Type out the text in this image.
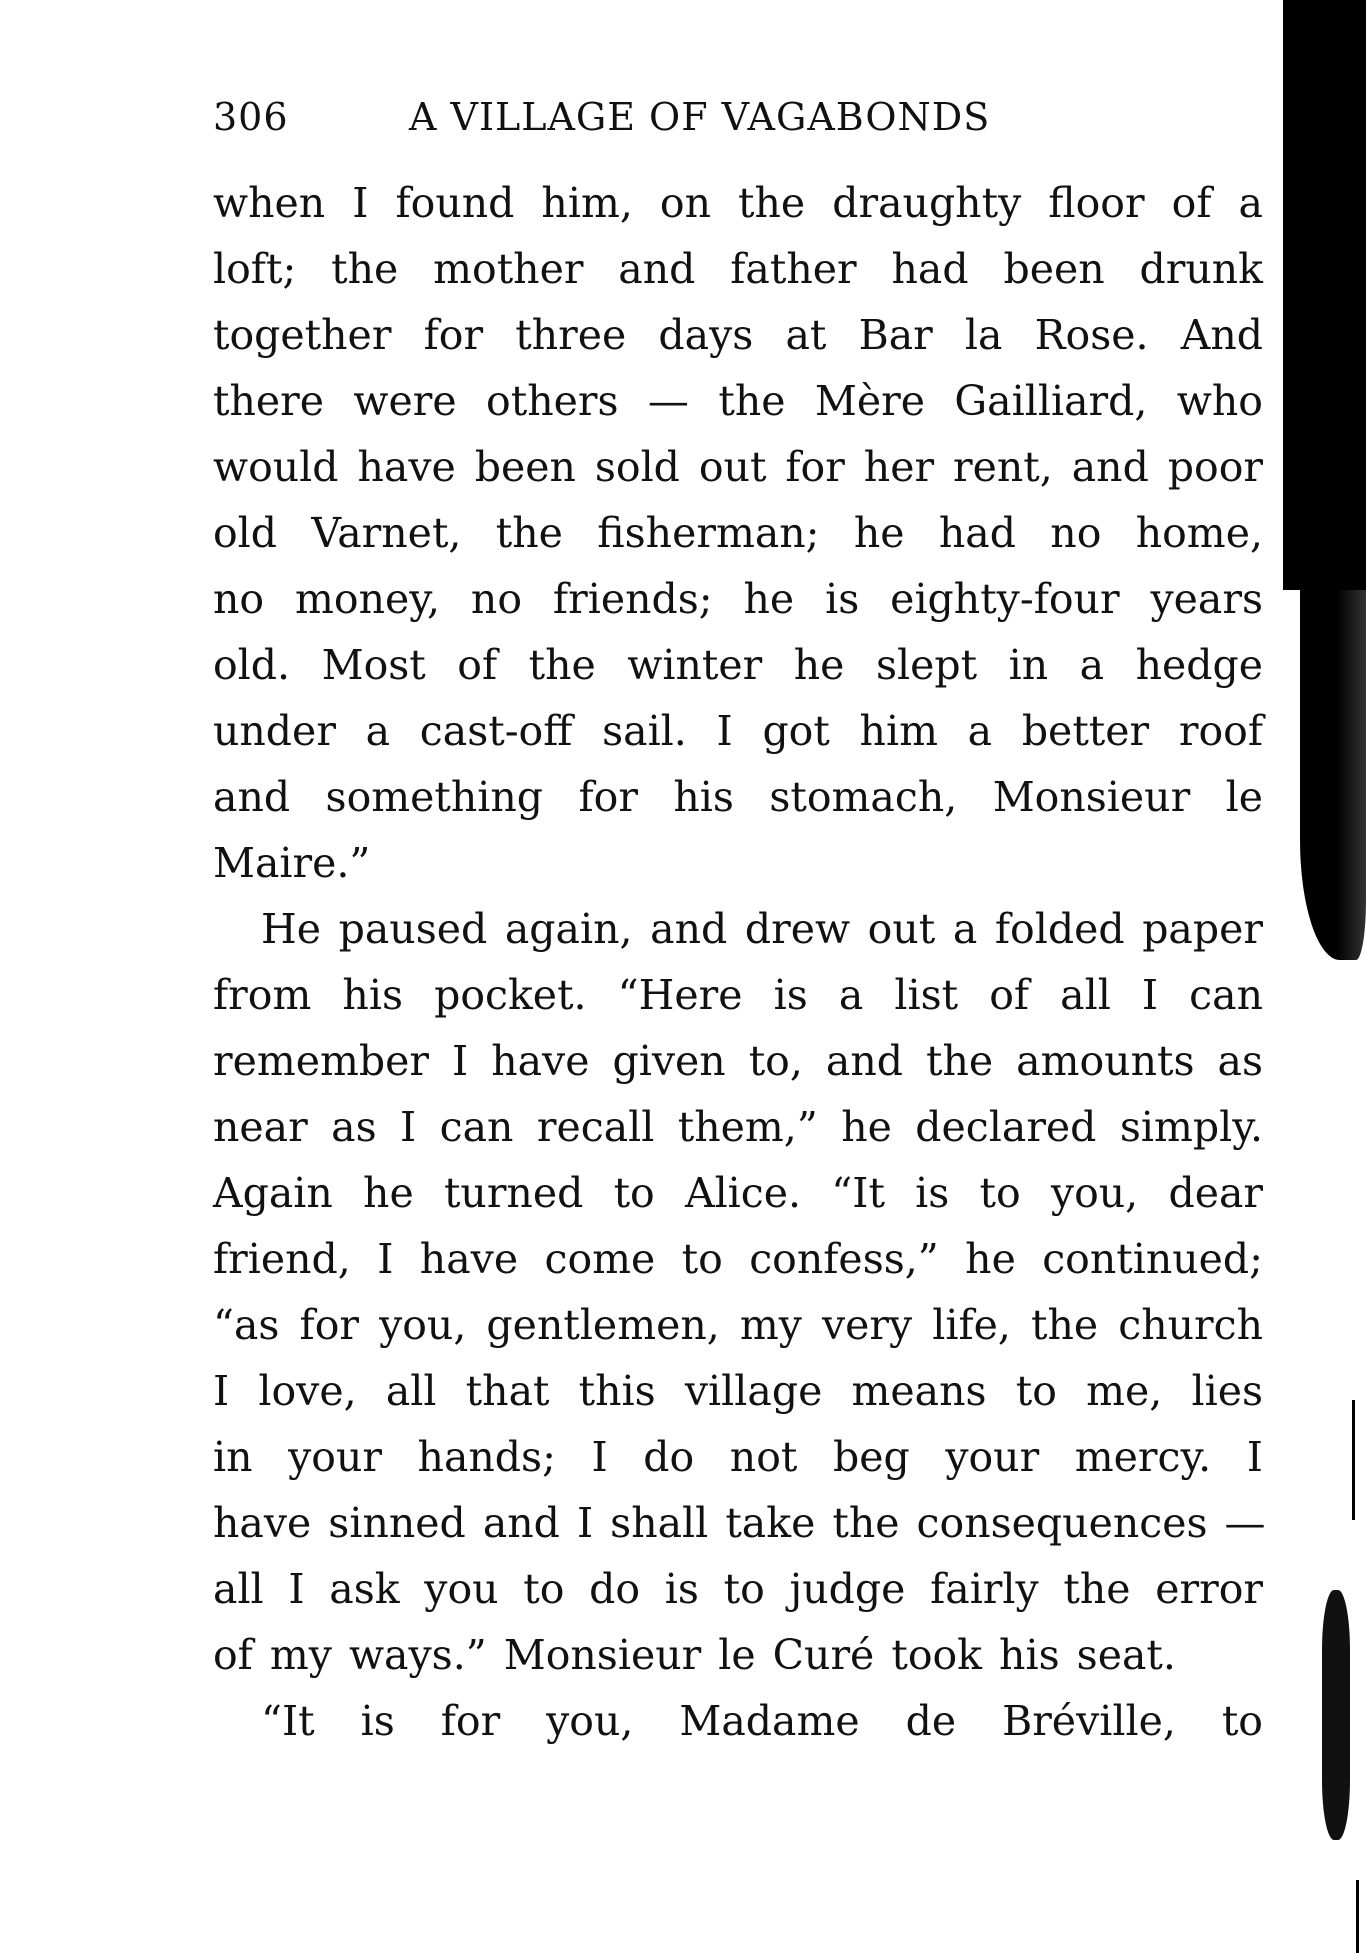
306	A VILLAGE OF VAGABONDS
when I found him, on the draughty floor of a
loft; the mother and father had been drunk
together for three days at Bar la Rose. And
there were others — the Mère Gailliard, who
would have been sold out for her rent, and poor
old Varnet, the fisherman; he had no home,
no money, no friends; he is eighty-four years
old. Most of the winter he slept in a hedge
under a cast-off sail. I got him a better roof
and something for his stomach, Monsieur le
Maire.”
He paused again, and drew out a folded paper
from his pocket. “Here is a list of all I can
remember I have given to, and the amounts as
near as I can recall them,” he declared simply.
Again he turned to Alice. “It is to you, dear
friend, I have come to confess,” he continued;
“as for you, gentlemen, my very life, the church
I love, all that this village means to me, lies
in your hands; I do not beg your mercy. I
have sinned and I shall take the consequences —
all I ask you to do is to judge fairly the error
of my ways.” Monsieur le Curé took his seat.
“It is for you, Madame de Bréville, to
